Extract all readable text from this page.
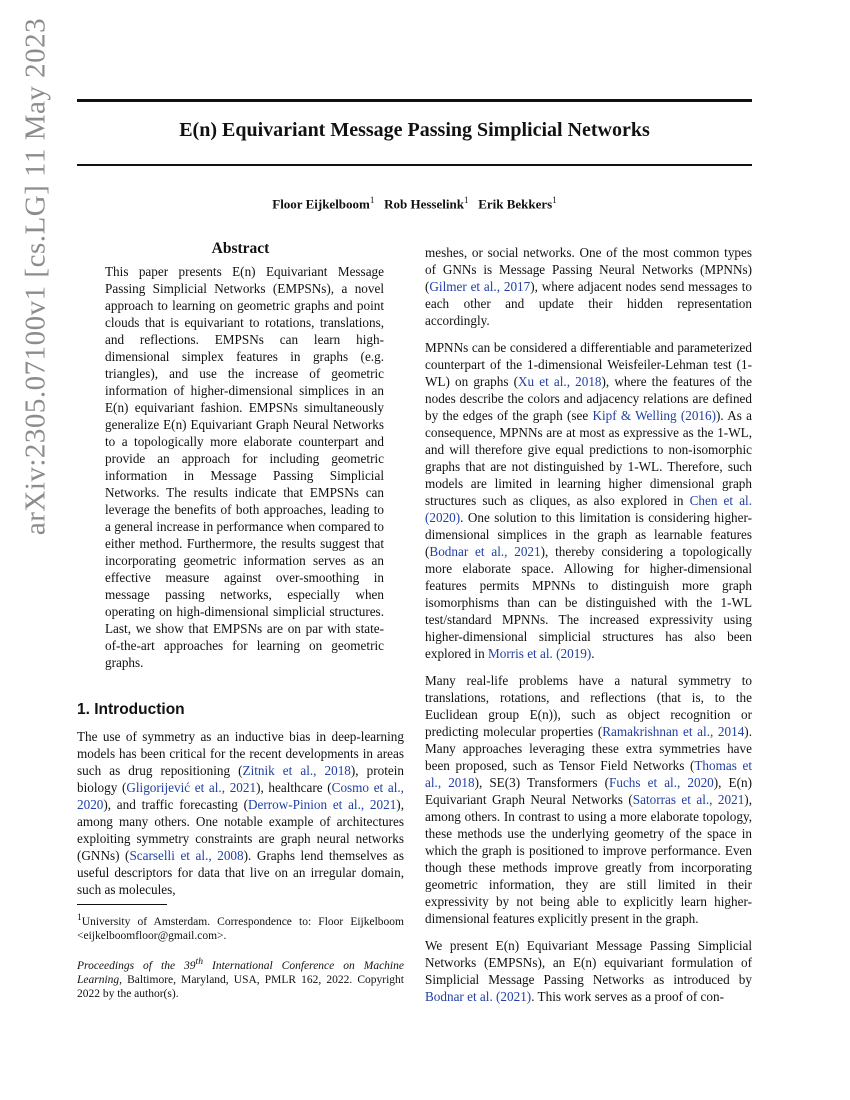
E(n) Equivariant Message Passing Simplicial Networks
Floor Eijkelboom$^1$ Rob Hesselink$^1$ Erik Bekkers$^1$
arXiv:2305.07100v1 [cs.LG] 11 May 2023	Abstract

This paper presents E(n) Equivariant Message Passing Simplicial Networks (EMPSNs), a novel approach to learning on geometric graphs and point clouds that is equivariant to rotations, translations, and reflections. EMPSNs can learn high-dimensional simplex features in graphs (e.g. triangles), and use the increase of geometric information of higher-dimensional simplices in an E(n) equivariant fashion. EMPSNs simultaneously generalize E(n) Equivariant Graph Neural Networks to a topologically more elaborate counterpart and provide an approach for including geometric information in Message Passing Simplicial Networks. The results indicate that EMPSNs can leverage the benefits of both approaches, leading to a general increase in performance when compared to either method. Furthermore, the results suggest that incorporating geometric information serves as an effective measure against over-smoothing in message passing networks, especially when operating on high-dimensional simplicial structures. Last, we show that EMPSNs are on par with state-of-the-art approaches for learning on geometric graphs.

1. Introduction

The use of symmetry as an inductive bias in deep-learning models has been critical for the recent developments in areas such as drug repositioning (Zitnik et al., 2018), protein biology (Gligorijević et al., 2021), healthcare (Cosmo et al., 2020), and traffic forecasting (Derrow-Pinion et al., 2021), among many others. One notable example of architectures exploiting symmetry constraints are graph neural networks (GNNs) (Scarselli et al., 2008). Graphs lend themselves as useful descriptors for data that live on an irregular domain, such as molecules,

$^1$University of Amsterdam. Correspondence to: Floor Eijkelboom <eijkelboomfloor@gmail.com>.
Proceedings of the 39th International Conference on Machine Learning, Baltimore, Maryland, USA, PMLR 162, 2022. Copyright 2022 by the author(s).

meshes, or social networks. One of the most common types of GNNs is Message Passing Neural Networks (MPNNs) (Gilmer et al., 2017), where adjacent nodes send messages to each other and update their hidden representation accordingly.

MPNNs can be considered a differentiable and parameterized counterpart of the 1-dimensional Weisfeiler-Lehman test (1-WL) on graphs (Xu et al., 2018), where the features of the nodes describe the colors and adjacency relations are defined by the edges of the graph (see Kipf & Welling (2016)). As a consequence, MPNNs are at most as expressive as the 1-WL, and will therefore give equal predictions to non-isomorphic graphs that are not distinguished by 1-WL. Therefore, such models are limited in learning higher dimensional graph structures such as cliques, as also explored in Chen et al. (2020). One solution to this limitation is considering higher-dimensional simplices in the graph as learnable features (Bodnar et al., 2021), thereby considering a topologically more elaborate space. Allowing for higher-dimensional features permits MPNNs to distinguish more graph isomorphisms than can be distinguished with the 1-WL test/standard MPNNs. The increased expressivity using higher-dimensional simplicial structures has also been explored in Morris et al. (2019).

Many real-life problems have a natural symmetry to translations, rotations, and reflections (that is, to the Euclidean group E(n)), such as object recognition or predicting molecular properties (Ramakrishnan et al., 2014). Many approaches leveraging these extra symmetries have been proposed, such as Tensor Field Networks (Thomas et al., 2018), SE(3) Transformers (Fuchs et al., 2020), E(n) Equivariant Graph Neural Networks (Satorras et al., 2021), among others. In contrast to using a more elaborate topology, these methods use the underlying geometry of the space in which the graph is positioned to improve performance. Even though these methods improve greatly from incorporating geometric information, they are still limited in their expressivity by not being able to explicitly learn higher-dimensional features explicitly present in the graph.

We present E(n) Equivariant Message Passing Simplicial Networks (EMPSNs), an E(n) equivariant formulation of Simplicial Message Passing Networks as introduced by Bodnar et al. (2021). This work serves as a proof of con-
